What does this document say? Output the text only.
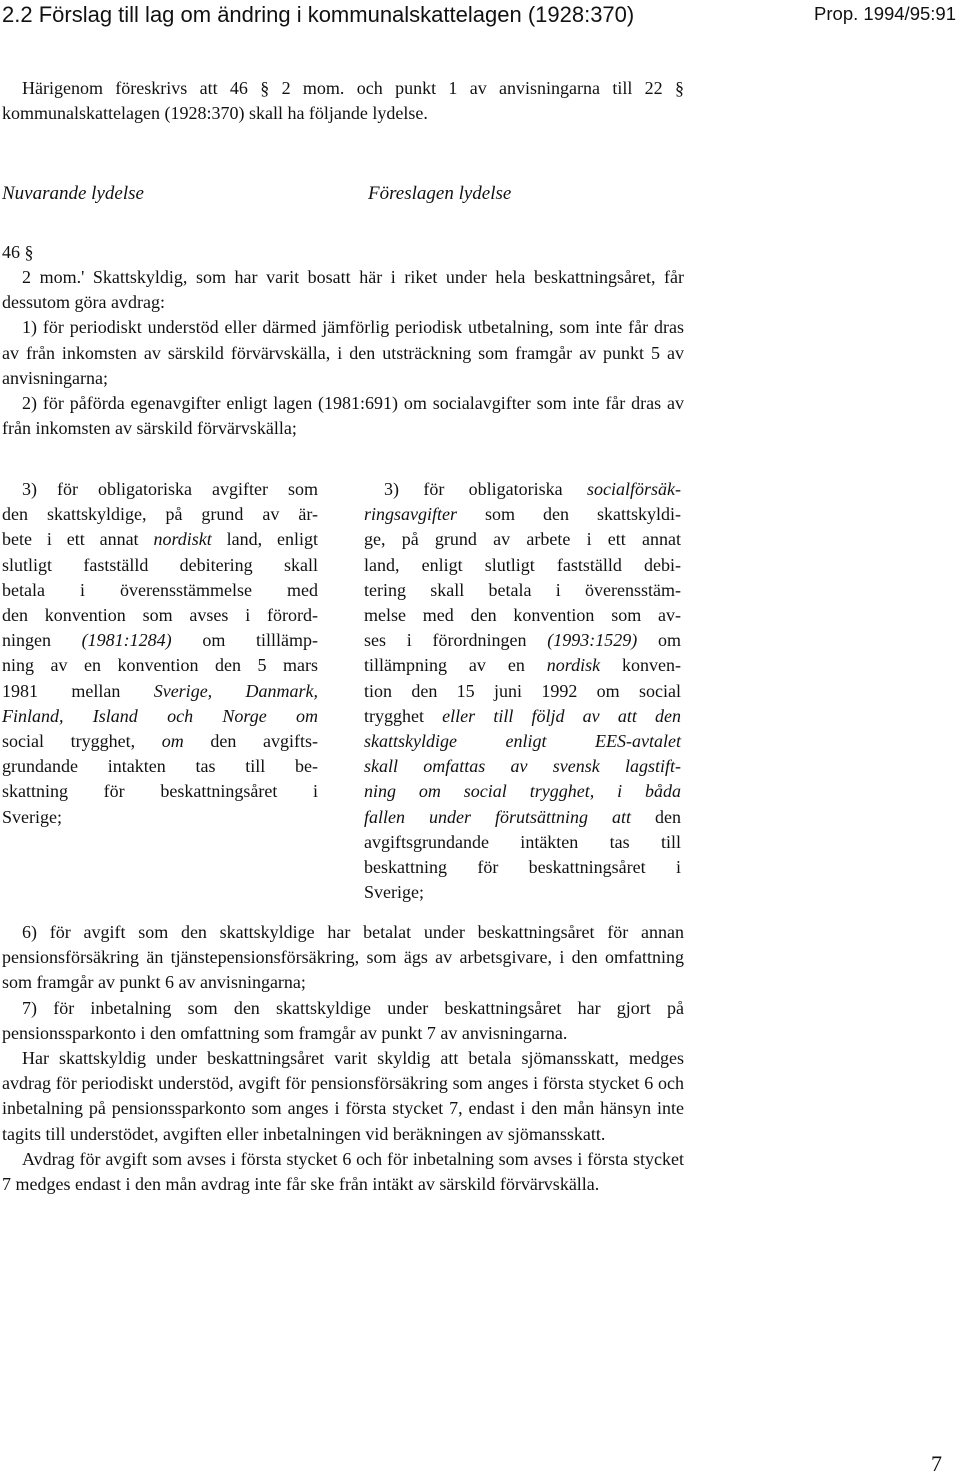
2.2 Förslag till lag om ändring i kommunalskattelagen (1928:370)	Prop. 1994/95:91
Härigenom föreskrivs att 46 § 2 mom. och punkt 1 av anvisningarna till 22 § kommunalskattelagen (1928:370) skall ha följande lydelse.
Nuvarande lydelse	Föreslagen lydelse
46 §
2 mom.' Skattskyldig, som har varit bosatt här i riket under hela beskattningsåret, får dessutom göra avdrag:
1) för periodiskt understöd eller därmed jämförlig periodisk utbetalning, som inte får dras av från inkomsten av särskild förvärvskälla, i den utsträckning som framgår av punkt 5 av anvisningarna;
2) för påförda egenavgifter enligt lagen (1981:691) om socialavgifter som inte får dras av från inkomsten av särskild förvärvskälla;
3) för obligatoriska avgifter som
den skattskyldige, på grund av är-
bete i ett annat nordiskt land, enligt
slutligt fastställd debitering skall
betala i överensstämmelse med
den konvention som avses i förord-
ningen (1981:1284) om tilllämp-
ning av en konvention den 5 mars
1981 mellan Sverige, Danmark,
Finland, Island och Norge om
social trygghet, om den avgifts-
grundande intakten tas till be-
skattning för beskattningsåret i
Sverige;
3) för obligatoriska socialförsäk-
ringsavgifter som den skattskyldi-
ge, på grund av arbete i ett annat
land, enligt slutligt fastställd debi-
tering skall betala i överensstäm-
melse med den konvention som av-
ses i förordningen (1993:1529) om
tillämpning av en nordisk konven-
tion den 15 juni 1992 om social
trygghet eller till följd av att den
skattskyldige enligt EES-avtalet
skall omfattas av svensk lagstift-
ning om social trygghet, i båda
fallen under förutsättning att den
avgiftsgrundande intäkten tas till
beskattning för beskattningsåret i
Sverige;

6) för avgift som den skattskyldige har betalat under beskattningsåret för annan pensionsförsäkring än tjänstepensionsförsäkring, som ägs av arbetsgivare, i den omfattning som framgår av punkt 6 av anvisningarna;

7) för inbetalning som den skattskyldige under beskattningsåret har gjort på pensionssparkonto i den omfattning som framgår av punkt 7 av anvisningarna.

Har skattskyldig under beskattningsåret varit skyldig att betala sjömansskatt, medges avdrag för periodiskt understöd, avgift för pensionsförsäkring som anges i första stycket 6 och inbetalning på pensionssparkonto som anges i första stycket 7, endast i den mån hänsyn inte tagits till understödet, avgiften eller inbetalningen vid beräkningen av sjömansskatt.

Avdrag för avgift som avses i första stycket 6 och för inbetalning som avses i första stycket 7 medges endast i den mån avdrag inte får ske från intäkt av särskild förvärvskälla.

7
